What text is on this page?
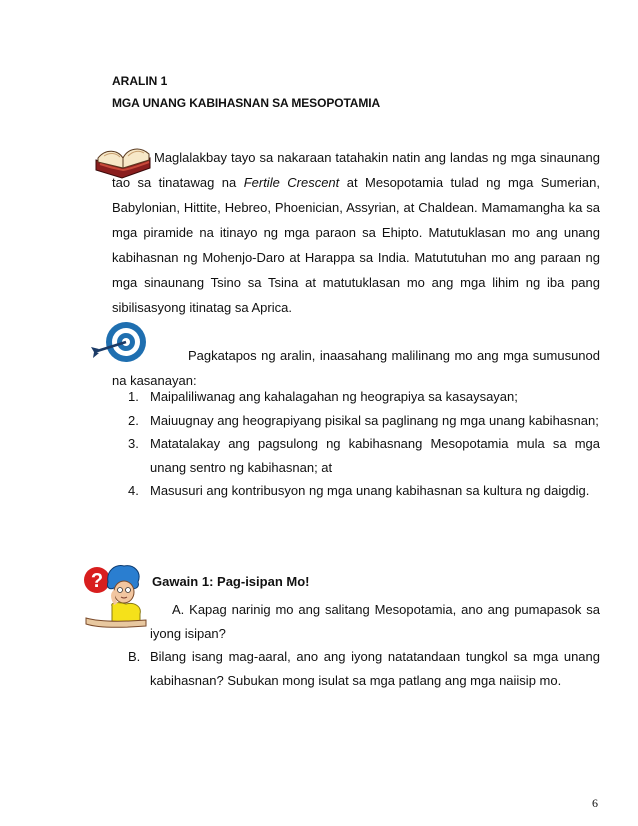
ARALIN 1
MGA UNANG KABIHASNAN SA MESOPOTAMIA
Maglalakbay tayo sa nakaraan tatahakin natin ang landas ng mga sinaunang tao sa tinatawag na Fertile Crescent at Mesopotamia tulad ng mga Sumerian, Babylonian, Hittite, Hebreo, Phoenician, Assyrian, at Chaldean. Mamamangha ka sa mga piramide na itinayo ng mga paraon sa Ehipto. Matutuklasan mo ang unang kabihasnan ng Mohenjo-Daro at Harappa sa India. Matututuhan mo ang paraan ng mga sinaunang Tsino sa Tsina at matutuklasan mo ang mga lihim ng iba pang sibilisasyong itinatag sa Aprica.
Pagkatapos ng aralin, inaasahang malilinang mo ang mga sumusunod na kasanayan:
1. Maipaliliwanag ang kahalagahan ng heograpiya sa kasaysayan;
2. Maiuugnay ang heograpiyang pisikal sa paglinang ng mga unang kabihasnan;
3. Matatalakay ang pagsulong ng kabihasnang Mesopotamia mula sa mga unang sentro ng kabihasnan; at
4. Masusuri ang kontribusyon ng mga unang kabihasnan sa kultura ng daigdig.
?	Gawain 1: Pag-isipan Mo!
A. Kapag narinig mo ang salitang Mesopotamia, ano ang pumapasok sa iyong isipan?
B. Bilang isang mag-aaral, ano ang iyong natatandaan tungkol sa mga unang kabihasnan? Subukan mong isulat sa mga patlang ang mga naiisip mo.
6
